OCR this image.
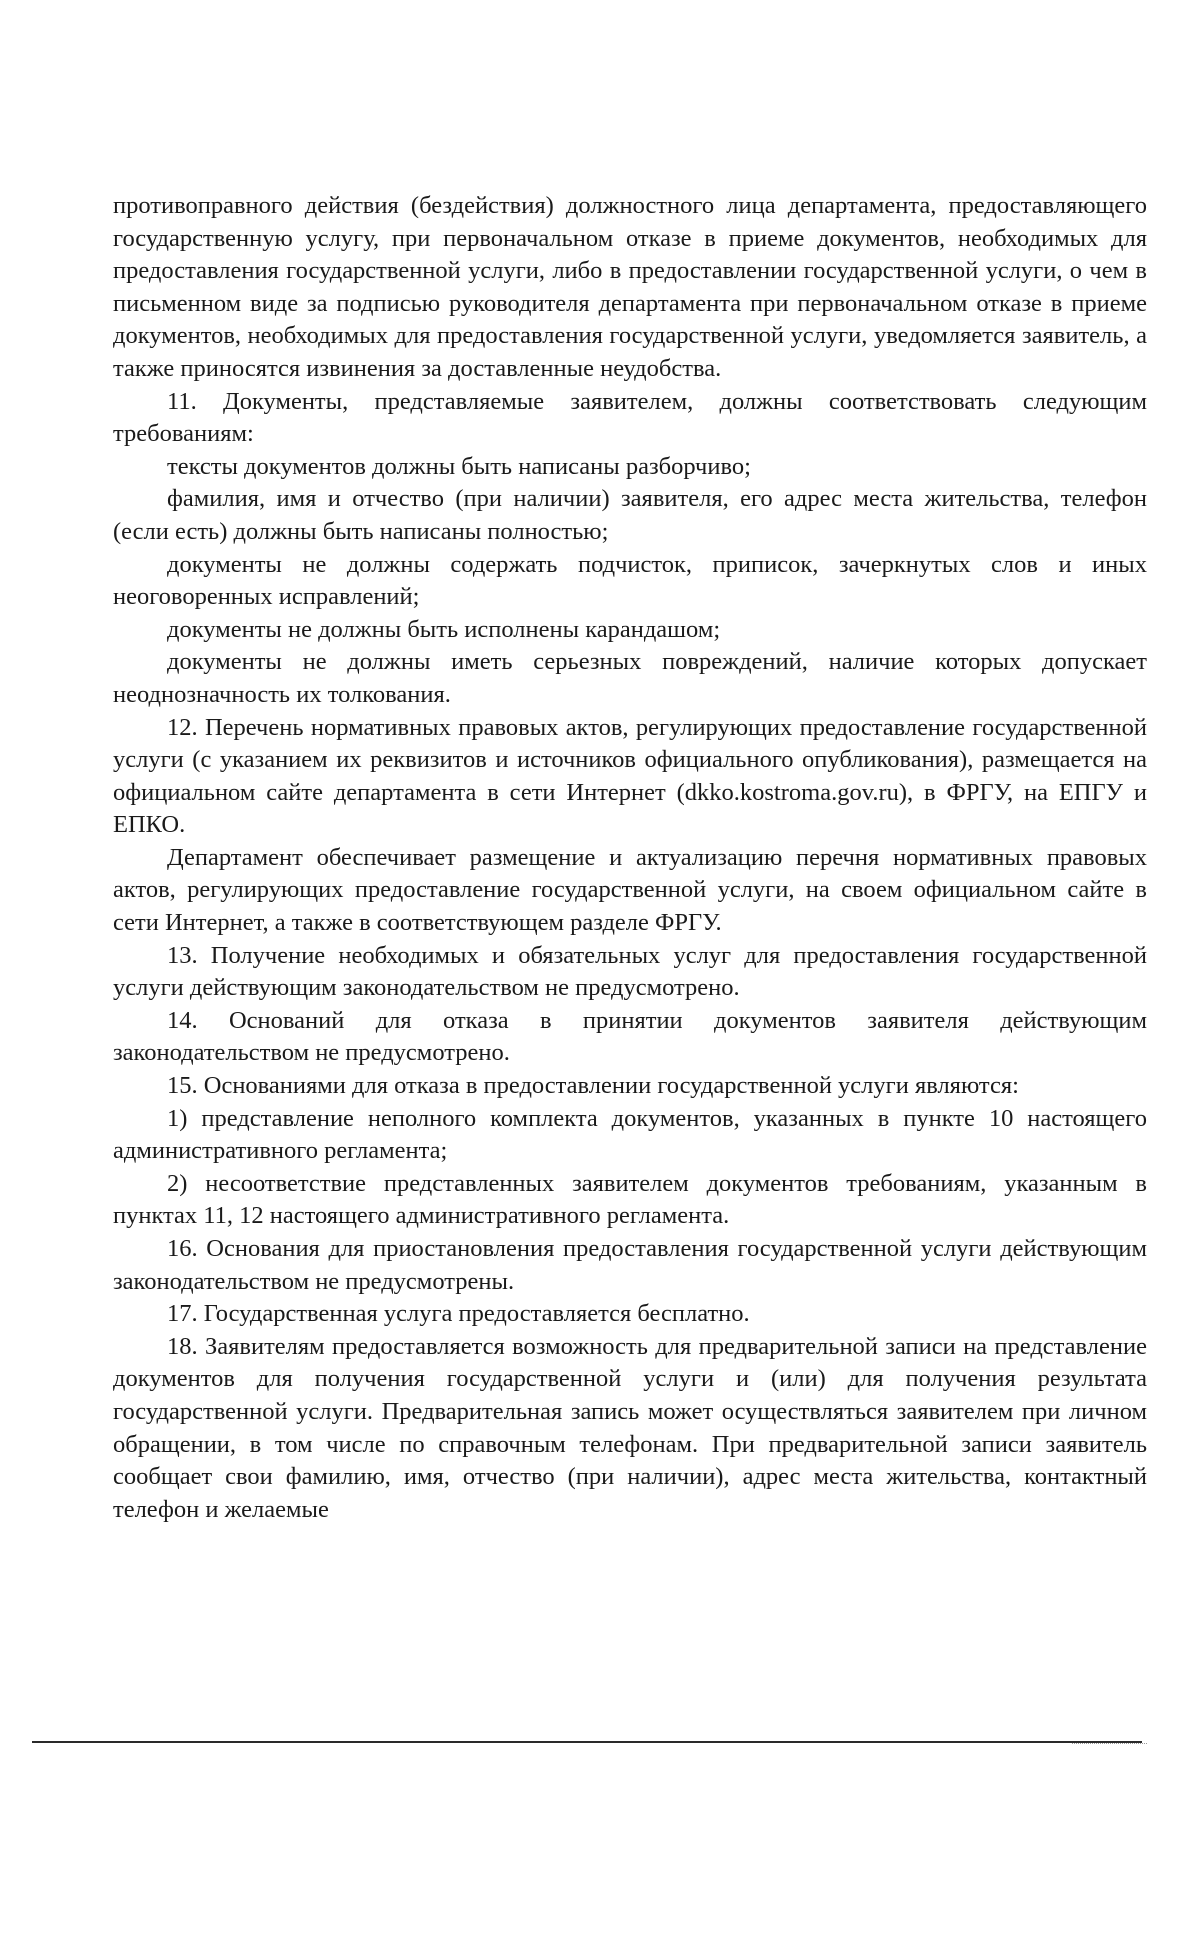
противоправного действия (бездействия) должностного лица департамента, предоставляющего государственную услугу, при первоначальном отказе в приеме документов, необходимых для предоставления государственной услуги, либо в предоставлении государственной услуги, о чем в письменном виде за подписью руководителя департамента при первоначальном отказе в приеме документов, необходимых для предоставления государственной услуги, уведомляется заявитель, а также приносятся извинения за доставленные неудобства.

11. Документы, представляемые заявителем, должны соответствовать следующим требованиям:

тексты документов должны быть написаны разборчиво;

фамилия, имя и отчество (при наличии) заявителя, его адрес места жительства, телефон (если есть) должны быть написаны полностью;

документы не должны содержать подчисток, приписок, зачеркнутых слов и иных неоговоренных исправлений;

документы не должны быть исполнены карандашом;

документы не должны иметь серьезных повреждений, наличие которых допускает неоднозначность их толкования.

12. Перечень нормативных правовых актов, регулирующих предоставление государственной услуги (с указанием их реквизитов и источников официального опубликования), размещается на официальном сайте департамента в сети Интернет (dkko.kostroma.gov.ru), в ФРГУ, на ЕПГУ и ЕПКО.

Департамент обеспечивает размещение и актуализацию перечня нормативных правовых актов, регулирующих предоставление государственной услуги, на своем официальном сайте в сети Интернет, а также в соответствующем разделе ФРГУ.

13. Получение необходимых и обязательных услуг для предоставления государственной услуги действующим законодательством не предусмотрено.

14. Оснований для отказа в принятии документов заявителя действующим законодательством не предусмотрено.

15. Основаниями для отказа в предоставлении государственной услуги являются:

1) представление неполного комплекта документов, указанных в пункте 10 настоящего административного регламента;

2) несоответствие представленных заявителем документов требованиям, указанным в пунктах 11, 12 настоящего административного регламента.

16. Основания для приостановления предоставления государственной услуги действующим законодательством не предусмотрены.

17. Государственная услуга предоставляется бесплатно.

18. Заявителям предоставляется возможность для предварительной записи на представление документов для получения государственной услуги и (или) для получения результата государственной услуги. Предварительная запись может осуществляться заявителем при личном обращении, в том числе по справочным телефонам. При предварительной записи заявитель сообщает свои фамилию, имя, отчество (при наличии), адрес места жительства, контактный телефон и желаемые
